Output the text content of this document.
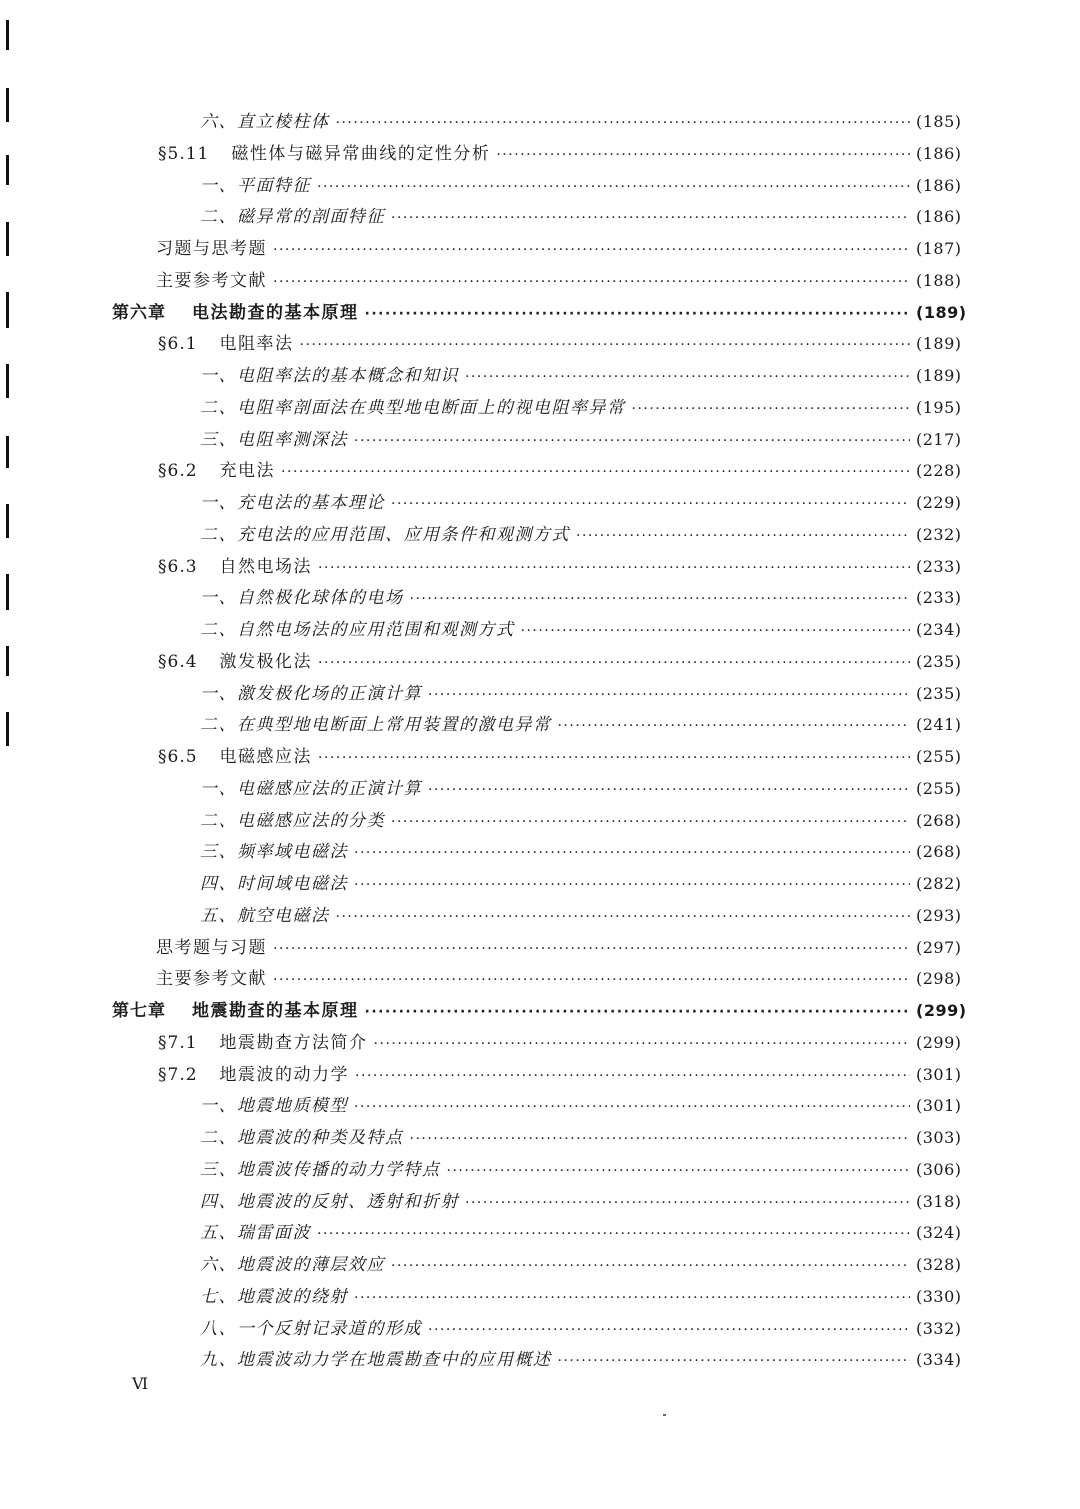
六、直立棱柱体 ·····	(185)
§5.11 磁性体与磁异常曲线的定性分析 ·····	(186)
一、平面特征 ·····	(186)
二、磁异常的剖面特征 ·····	(186)
习题与思考题 ·····	(187)
主要参考文献 ·····	(188)
第六章 电法勘查的基本原理 ·····	(189)
§6.1 电阻率法 ·····	(189)
一、电阻率法的基本概念和知识 ·····	(189)
二、电阻率剖面法在典型地电断面上的视电阻率异常 ·····	(195)
三、电阻率测深法 ·····	(217)
§6.2 充电法 ·····	(228)
一、充电法的基本理论 ·····	(229)
二、充电法的应用范围、应用条件和观测方式 ·····	(232)
§6.3 自然电场法 ·····	(233)
一、自然极化球体的电场 ·····	(233)
二、自然电场法的应用范围和观测方式 ·····	(234)
§6.4 激发极化法 ·····	(235)
一、激发极化场的正演计算 ·····	(235)
二、在典型地电断面上常用装置的激电异常 ·····	(241)
§6.5 电磁感应法 ·····	(255)
一、电磁感应法的正演计算 ·····	(255)
二、电磁感应法的分类 ·····	(268)
三、频率域电磁法 ·····	(268)
四、时间域电磁法 ·····	(282)
五、航空电磁法 ·····	(293)
思考题与习题 ·····	(297)
主要参考文献 ·····	(298)
第七章 地震勘查的基本原理 ·····	(299)
§7.1 地震勘查方法简介 ·····	(299)
§7.2 地震波的动力学 ·····	(301)
一、地震地质模型 ·····	(301)
二、地震波的种类及特点 ·····	(303)
三、地震波传播的动力学特点 ·····	(306)
四、地震波的反射、透射和折射 ·····	(318)
五、瑞雷面波 ·····	(324)
六、地震波的薄层效应 ·····	(328)
七、地震波的绕射 ·····	(330)
八、一个反射记录道的形成 ·····	(332)
九、地震波动力学在地震勘查中的应用概述 ·····	(334)
Ⅵ
